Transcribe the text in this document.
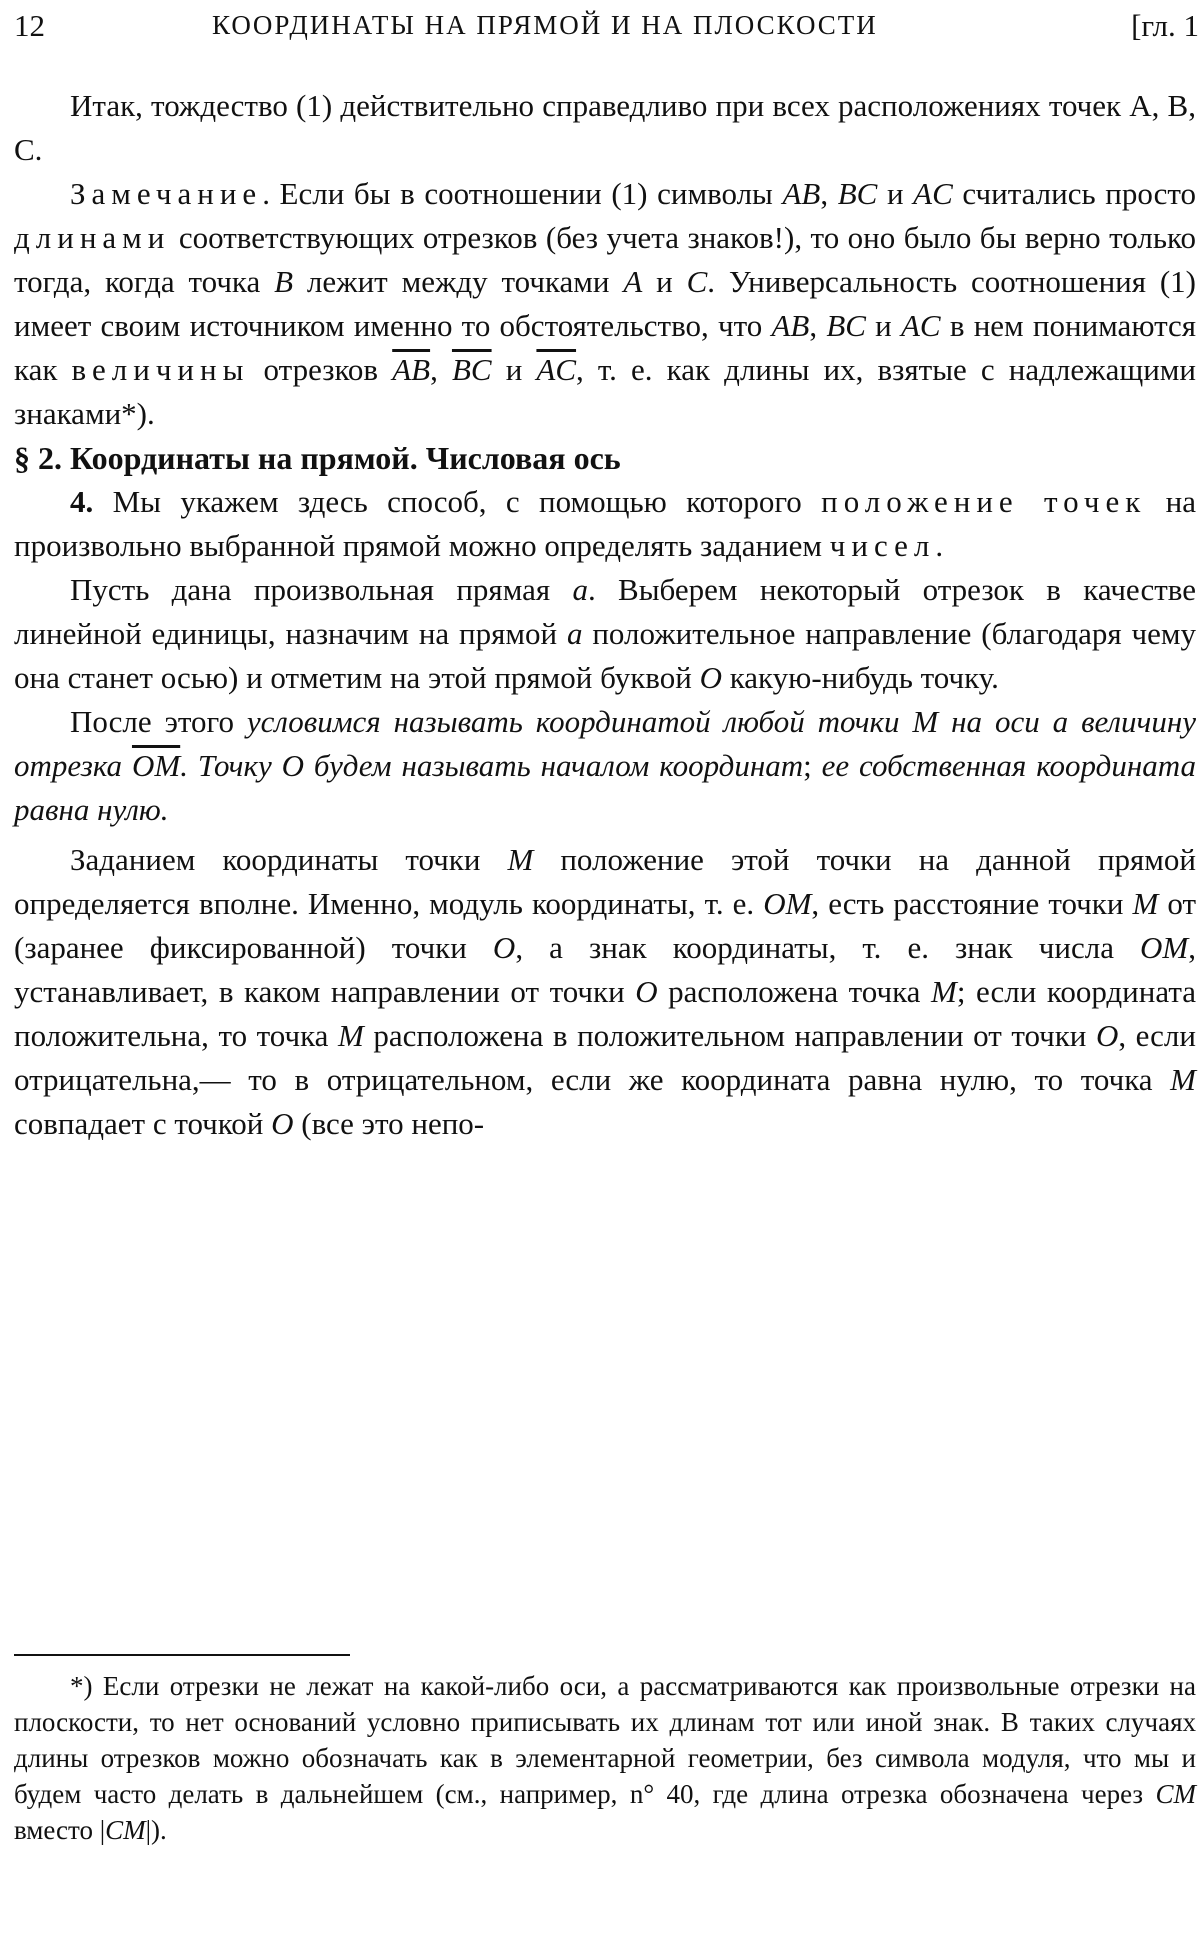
12	КООРДИНАТЫ НА ПРЯМОЙ И НА ПЛОСКОСТИ	[гл. 1

Итак, тождество (1) действительно справедливо при всех расположениях точек A, B, C.

Замечание. Если бы в соотношении (1) символы AB, BC и AC считались просто длинами соответствующих отрезков (без учета знаков!), то оно было бы верно только тогда, когда точка B лежит между точками A и C. Универсальность соотношения (1) имеет своим источником именно то обстоятельство, что AB, BC и AC в нем понимаются как величины отрезков $\overline{AB}$, $\overline{BC}$ и $\overline{AC}$, т. е. как длины их, взятые с надлежащими знаками*).

§ 2. Координаты на прямой. Числовая ось

4. Мы укажем здесь способ, с помощью которого положение точек на произвольно выбранной прямой можно определять заданием чисел.

Пусть дана произвольная прямая a. Выберем некоторый отрезок в качестве линейной единицы, назначим на прямой a положительное направление (благодаря чему она станет осью) и отметим на этой прямой буквой O какую-нибудь точку.

После этого условимся называть координатой любой точки M на оси a величину отрезка $\overline{OM}$. Точку O будем называть началом координат; ее собственная координата равна нулю.

Заданием координаты точки M положение этой точки на данной прямой определяется вполне. Именно, модуль координаты, т. е. OM, есть расстояние точки M от (заранее фиксированной) точки O, а знак координаты, т. е. знак числа OM, устанавливает, в каком направлении от точки O расположена точка M; если координата положительна, то точка M расположена в положительном направлении от точки O, если отрицательна,— то в отрицательном, если же координата равна нулю, то точка M совпадает с точкой O (все это непо-

*) Если отрезки не лежат на какой-либо оси, а рассматриваются как произвольные отрезки на плоскости, то нет оснований условно приписывать их длинам тот или иной знак. В таких случаях длины отрезков можно обозначать как в элементарной геометрии, без символа модуля, что мы и будем часто делать в дальнейшем (см., например, n° 40, где длина отрезка обозначена через CM вместо |CM|).
